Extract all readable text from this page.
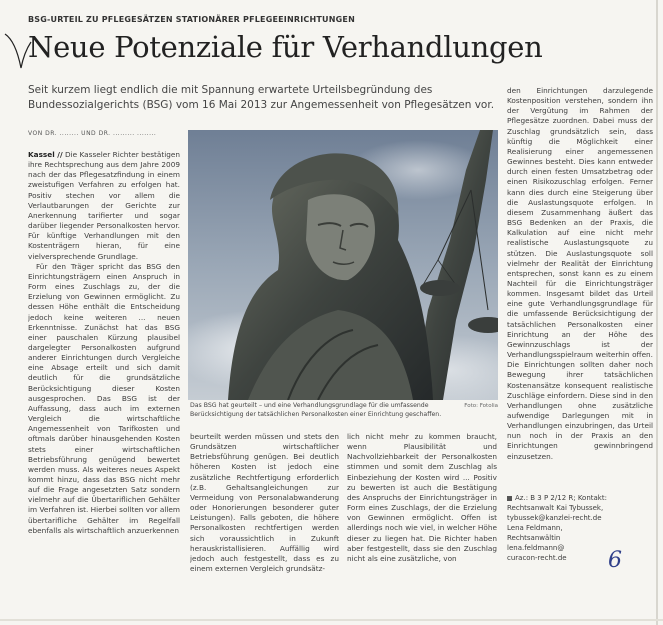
BSG-URTEIL ZU PFLEGESÄTZEN STATIONÄRER PFLEGEEINRICHTUNGEN
Neue Potenziale für Verhandlungen
Seit kurzem liegt endlich die mit Spannung erwartete Urteilsbegründung des Bundessozialgerichts (BSG) vom 16 Mai 2013 zur Angemessenheit von Pflegesätzen vor.
VON DR. ........ UND DR. ......... ........
Foto: Fotolia
Das BSG hat geurteilt – und eine Verhandlungsgrundlage für die umfassende Berücksichtigung der tatsächlichen Personalkosten einer Einrichtung geschaffen.

Kassel // Die Kasseler Richter bestätigen ihre Rechtsprechung aus dem Jahre 2009 nach der das Pflegesatzfindung in einem zweistufigen Verfahren zu erfolgen hat. Positiv stechen vor allem die Verlautbarungen der Gerichte zur Anerkennung tarifierter und sogar darüber liegender Personalkosten hervor. Für künftige Verhandlungen mit den Kostenträgern hieran, für eine vielversprechende Grundlage.

Für den Träger spricht das BSG den Einrichtungsträgern einen Anspruch in Form eines Zuschlags zu, der die Erzielung von Gewinnen ermöglicht. Zu dessen Höhe enthält die Entscheidung jedoch keine weiteren ... neuen Erkenntnisse. Zunächst hat das BSG einer pauschalen Kürzung plausibel dargelegter Personalkosten aufgrund anderer Einrichtungen durch Vergleiche eine Absage erteilt und sich damit deutlich für die grundsätzliche Berücksichtigung dieser Kosten ausgesprochen. Das BSG ist der Auffassung, dass auch im externen Vergleich die wirtschaftliche Angemessenheit von Tarifkosten und oftmals darüber hinausgehenden Kosten stets einer wirtschaftlichen Betriebsführung genügend bewertet werden muss. Als weiteres neues Aspekt kommt hinzu, dass das BSG nicht mehr auf die Frage angesetzten Satz sondern vielmehr auf die Übertariflichen Gehälter im Verfahren ist. Hierbei sollten vor allem übertarifliche Gehälter im Regelfall ebenfalls als wirtschaftlich anzuerkennen

beurteilt werden müssen und stets den Grundsätzen wirtschaftlicher Betriebsführung genügen. Bei deutlich höheren Kosten ist jedoch eine zusätzliche Rechtfertigung erforderlich (z.B. Gehaltsangleichungen zur Vermeidung von Personalabwanderung oder Honorierungen besonderer guter Leistungen). Falls geboten, die höhere Personalkosten rechtfertigen werden sich voraussichtlich in Zukunft herauskristallisieren. Auffällig wird jedoch auch festgestellt, dass es zu einem externen Vergleich grundsätz-

lich nicht mehr zu kommen braucht, wenn Plausibilität und Nachvollziehbarkeit der Personalkosten stimmen und somit dem Zuschlag als Einbeziehung der Kosten wird ... Positiv zu bewerten ist auch die Bestätigung des Anspruchs der Einrichtungsträger in Form eines Zuschlags, der die Erzielung von Gewinnen ermöglicht. Offen ist allerdings noch wie viel, in welcher Höhe dieser zu liegen hat. Die Richter haben aber festgestellt, dass sie den Zuschlag nicht als eine zusätzliche, von

den Einrichtungen darzulegende Kostenposition verstehen, sondern ihn der Vergütung im Rahmen der Pflegesätze zuordnen. Dabei muss der Zuschlag grundsätzlich sein, dass künftig die Möglichkeit einer Realisierung einer angemessenen Gewinnes besteht. Dies kann entweder durch einen festen Umsatzbetrag oder einen Risikozuschlag erfolgen. Ferner kann dies durch eine Steigerung über die Auslastungsquote erfolgen. In diesem Zusammenhang äußert das BSG Bedenken an der Praxis, die Kalkulation auf eine nicht mehr realistische Auslastungsquote zu stützen. Die Auslastungsquote soll vielmehr der Realität der Einrichtung entsprechen, sonst kann es zu einem Nachteil für die Einrichtungsträger kommen. Insgesamt bildet das Urteil eine gute Verhandlungsgrundlage für die umfassende Berücksichtigung der tatsächlichen Personalkosten einer Einrichtung an der Höhe des Gewinnzuschlags ist der Verhandlungsspielraum weiterhin offen. Die Einrichtungen sollten daher noch Bewegung ihrer tatsächlichen Kostenansätze konsequent realistische Zuschläge einfordern. Diese sind in den Verhandlungen ohne zusätzliche aufwendige Darlegungen mit in Verhandlungen einzubringen, das Urteil nun noch in der Praxis an den Einrichtungen gewinnbringend einzusetzen.

Az.: B 3 P 2/12 R; Kontakt: Rechtsanwalt Kai Tybussek,
tybussek@kanzlei-recht.de
Lena Feldmann,
Rechtsanwältin
lena.feldmann@
curacon-recht.de	6
